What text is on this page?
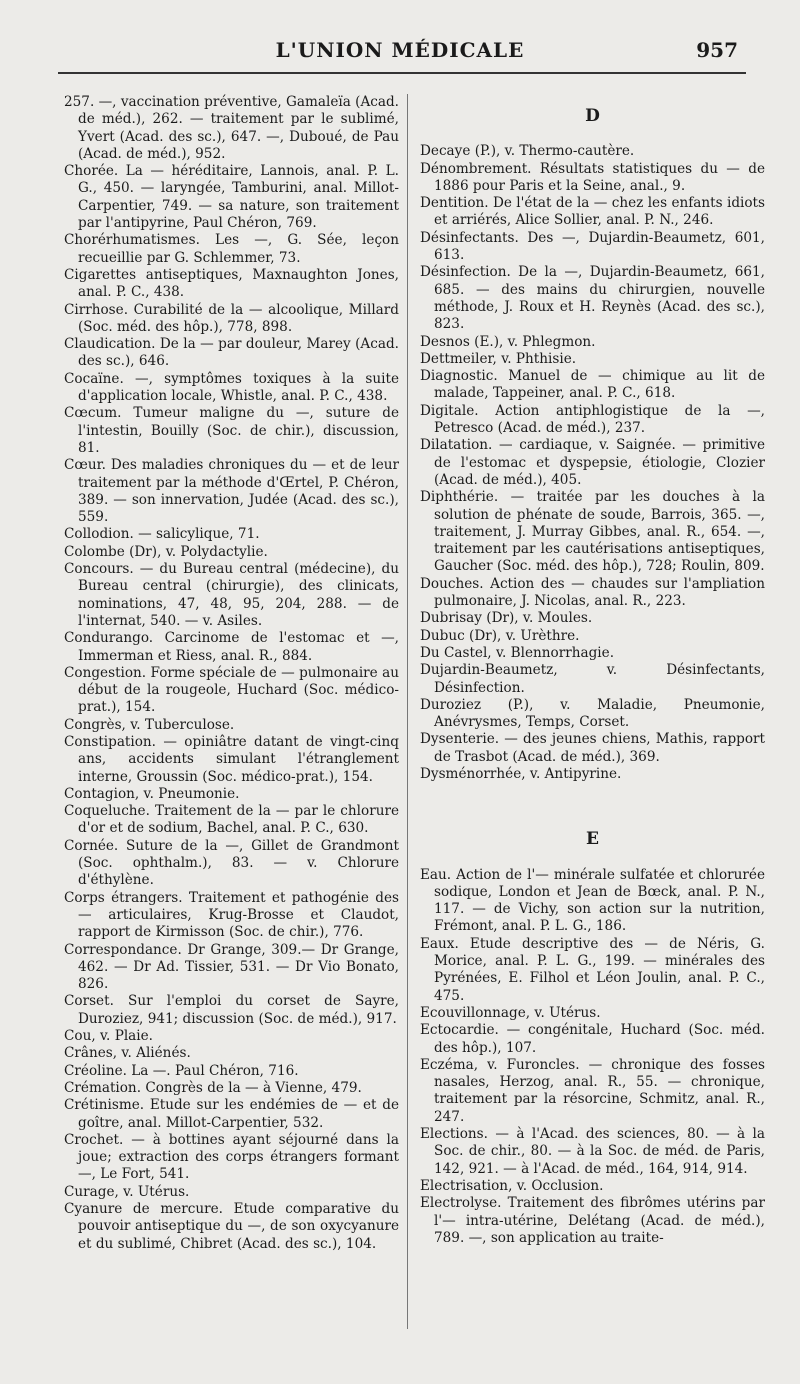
L'UNION MÉDICALE	957
257. —, vaccination préventive, Gamaleïa (Acad. de méd.), 262. — traitement par le sublimé, Yvert (Acad. des sc.), 647. —, Duboué, de Pau (Acad. de méd.), 952.
Chorée. La — héréditaire, Lannois, anal. P. L. G., 450. — laryngée, Tamburini, anal. Millot-Carpentier, 749. — sa nature, son traitement par l'antipyrine, Paul Chéron, 769.
Chorérhumatismes. Les —, G. Sée, leçon recueillie par G. Schlemmer, 73.
Cigarettes antiseptiques, Maxnaughton Jones, anal. P. C., 438.
Cirrhose. Curabilité de la — alcoolique, Millard (Soc. méd. des hôp.), 778, 898.
Claudication. De la — par douleur, Marey (Acad. des sc.), 646.
Cocaïne. —, symptômes toxiques à la suite d'application locale, Whistle, anal. P. C., 438.
Cœcum. Tumeur maligne du —, suture de l'intestin, Bouilly (Soc. de chir.), discussion, 81.
Cœur. Des maladies chroniques du — et de leur traitement par la méthode d'Œrtel, P. Chéron, 389. — son innervation, Judée (Acad. des sc.), 559.
Collodion. — salicylique, 71.
Colombe (Dr), v. Polydactylie.
Concours. — du Bureau central (médecine), du Bureau central (chirurgie), des clinicats, nominations, 47, 48, 95, 204, 288. — de l'internat, 540. — v. Asiles.
Condurango. Carcinome de l'estomac et —, Immerman et Riess, anal. R., 884.
Congestion. Forme spéciale de — pulmonaire au début de la rougeole, Huchard (Soc. médico-prat.), 154.
Congrès, v. Tuberculose.
Constipation. — opiniâtre datant de vingt-cinq ans, accidents simulant l'étranglement interne, Groussin (Soc. médico-prat.), 154.
Contagion, v. Pneumonie.
Coqueluche. Traitement de la — par le chlorure d'or et de sodium, Bachel, anal. P. C., 630.
Cornée. Suture de la —, Gillet de Grandmont (Soc. ophthalm.), 83. — v. Chlorure d'éthylène.
Corps étrangers. Traitement et pathogénie des — articulaires, Krug-Brosse et Claudot, rapport de Kirmisson (Soc. de chir.), 776.
Correspondance. Dr Grange, 309.— Dr Grange, 462. — Dr Ad. Tissier, 531. — Dr Vio Bonato, 826.
Corset. Sur l'emploi du corset de Sayre, Duroziez, 941; discussion (Soc. de méd.), 917.
Cou, v. Plaie.
Crânes, v. Aliénés.
Créoline. La —. Paul Chéron, 716.
Crémation. Congrès de la — à Vienne, 479.
Crétinisme. Etude sur les endémies de — et de goître, anal. Millot-Carpentier, 532.
Crochet. — à bottines ayant séjourné dans la joue; extraction des corps étrangers formant —, Le Fort, 541.
Curage, v. Utérus.
Cyanure de mercure. Etude comparative du pouvoir antiseptique du —, de son oxycyanure et du sublimé, Chibret (Acad. des sc.), 104.
D
Decaye (P.), v. Thermo-cautère.
Dénombrement. Résultats statistiques du — de 1886 pour Paris et la Seine, anal., 9.
Dentition. De l'état de la — chez les enfants idiots et arriérés, Alice Sollier, anal. P. N., 246.
Désinfectants. Des —, Dujardin-Beaumetz, 601, 613.
Désinfection. De la —, Dujardin-Beaumetz, 661, 685. — des mains du chirurgien, nouvelle méthode, J. Roux et H. Reynès (Acad. des sc.), 823.
Desnos (E.), v. Phlegmon.
Dettmeiler, v. Phthisie.
Diagnostic. Manuel de — chimique au lit de malade, Tappeiner, anal. P. C., 618.
Digitale. Action antiphlogistique de la —, Petresco (Acad. de méd.), 237.
Dilatation. — cardiaque, v. Saignée. — primitive de l'estomac et dyspepsie, étiologie, Clozier (Acad. de méd.), 405.
Diphthérie. — traitée par les douches à la solution de phénate de soude, Barrois, 365. —, traitement, J. Murray Gibbes, anal. R., 654. —, traitement par les cautérisations antiseptiques, Gaucher (Soc. méd. des hôp.), 728; Roulin, 809.
Douches. Action des — chaudes sur l'ampliation pulmonaire, J. Nicolas, anal. R., 223.
Dubrisay (Dr), v. Moules.
Dubuc (Dr), v. Urèthre.
Du Castel, v. Blennorrhagie.
Dujardin-Beaumetz, v. Désinfectants, Désinfection.
Duroziez (P.), v. Maladie, Pneumonie, Anévrysmes, Temps, Corset.
Dysenterie. — des jeunes chiens, Mathis, rapport de Trasbot (Acad. de méd.), 369.
Dysménorrhée, v. Antipyrine.
E
Eau. Action de l'— minérale sulfatée et chlorurée sodique, London et Jean de Bœck, anal. P. N., 117. — de Vichy, son action sur la nutrition, Frémont, anal. P. L. G., 186.
Eaux. Etude descriptive des — de Néris, G. Morice, anal. P. L. G., 199. — minérales des Pyrénées, E. Filhol et Léon Joulin, anal. P. C., 475.
Ecouvillonnage, v. Utérus.
Ectocardie. — congénitale, Huchard (Soc. méd. des hôp.), 107.
Eczéma, v. Furoncles. — chronique des fosses nasales, Herzog, anal. R., 55. — chronique, traitement par la résorcine, Schmitz, anal. R., 247.
Elections. — à l'Acad. des sciences, 80. — à la Soc. de chir., 80. — à la Soc. de méd. de Paris, 142, 921. — à l'Acad. de méd., 164, 914, 914.
Electrisation, v. Occlusion.
Electrolyse. Traitement des fibrômes utérins par l'— intra-utérine, Delétang (Acad. de méd.), 789. —, son application au traite-
